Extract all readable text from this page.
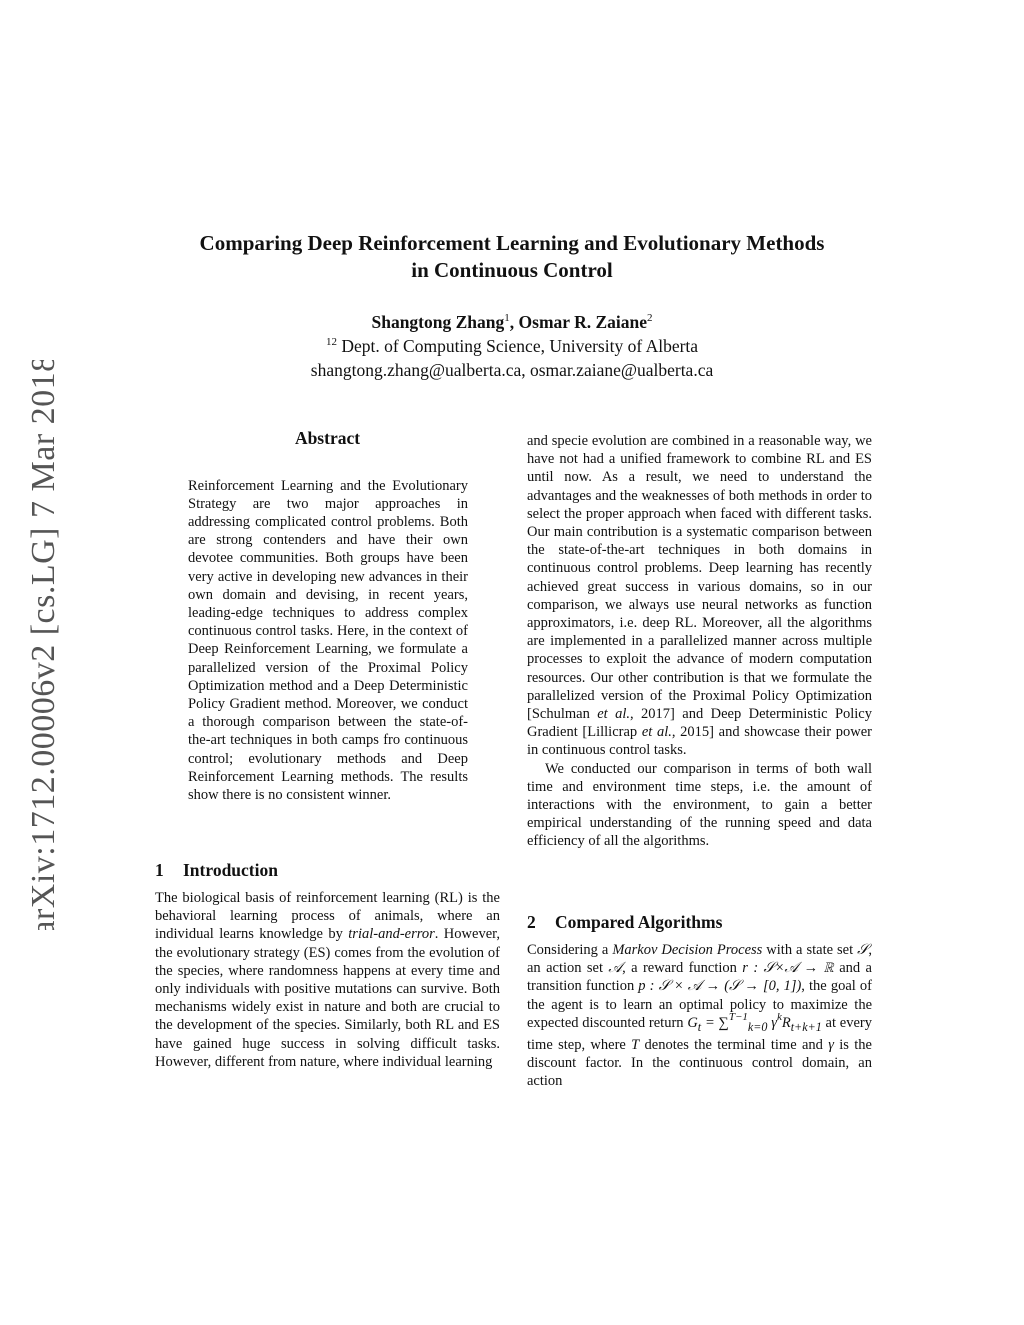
arXiv:1712.00006v2 [cs.LG] 7 Mar 2018
Comparing Deep Reinforcement Learning and Evolutionary Methods
in Continuous Control
Shangtong Zhang$^1$, Osmar R. Zaiane$^2$
$^{12}$ Dept. of Computing Science, University of Alberta
shangtong.zhang@ualberta.ca, osmar.zaiane@ualberta.ca
Abstract

Reinforcement Learning and the Evolutionary Strategy are two major approaches in addressing complicated control problems. Both are strong contenders and have their own devotee communities. Both groups have been very active in developing new advances in their own domain and devising, in recent years, leading-edge techniques to address complex continuous control tasks. Here, in the context of Deep Reinforcement Learning, we formulate a parallelized version of the Proximal Policy Optimization method and a Deep Deterministic Policy Gradient method. Moreover, we conduct a thorough comparison between the state-of-the-art techniques in both camps fro continuous control; evolutionary methods and Deep Reinforcement Learning methods. The results show there is no consistent winner.

1 Introduction

The biological basis of reinforcement learning (RL) is the behavioral learning process of animals, where an individual learns knowledge by trial-and-error. However, the evolutionary strategy (ES) comes from the evolution of the species, where randomness happens at every time and only individuals with positive mutations can survive. Both mechanisms widely exist in nature and both are crucial to the development of the species. Similarly, both RL and ES have gained huge success in solving difficult tasks. However, different from nature, where individual learning

and specie evolution are combined in a reasonable way, we have not had a unified framework to combine RL and ES until now. As a result, we need to understand the advantages and the weaknesses of both methods in order to select the proper approach when faced with different tasks. Our main contribution is a systematic comparison between the state-of-the-art techniques in both domains in continuous control problems. Deep learning has recently achieved great success in various domains, so in our comparison, we always use neural networks as function approximators, i.e. deep RL. Moreover, all the algorithms are implemented in a parallelized manner across multiple processes to exploit the advance of modern computation resources. Our other contribution is that we formulate the parallelized version of the Proximal Policy Optimization [Schulman et al., 2017] and Deep Deterministic Policy Gradient [Lillicrap et al., 2015] and showcase their power in continuous control tasks.

We conducted our comparison in terms of both wall time and environment time steps, i.e. the amount of interactions with the environment, to gain a better empirical understanding of the running speed and data efficiency of all the algorithms.

2 Compared Algorithms

Considering a Markov Decision Process with a state set 𝒮, an action set 𝒜, a reward function r : 𝒮×𝒜 → ℝ and a transition function p : 𝒮 × 𝒜 → (𝒮 → [0, 1]), the goal of the agent is to learn an optimal policy to maximize the expected discounted return $G_t = \sum^{T-1}_{k=0}$ $\gamma^kR_{t+k+1}$ at every time step, where T denotes the terminal time and γ is the discount factor. In the continuous control domain, an action
